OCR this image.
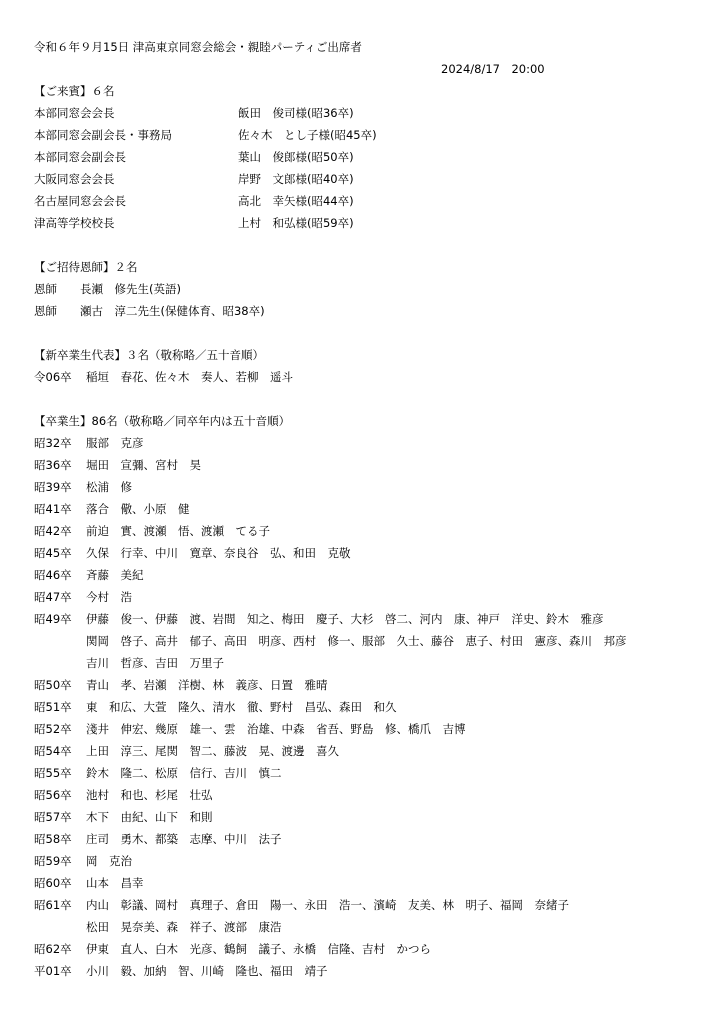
令和６年９月15日 津高東京同窓会総会・親睦パーティご出席者
2024/8/17　20:00
【ご来賓】６名
本部同窓会会長	飯田　俊司様(昭36卒)
本部同窓会副会長・事務局	佐々木　とし子様(昭45卒)
本部同窓会副会長	葉山　俊郎様(昭50卒)
大阪同窓会会長	岸野　文郎様(昭40卒)
名古屋同窓会会長	高北　幸矢様(昭44卒)
津高等学校校長	上村　和弘様(昭59卒)
【ご招待恩師】２名
恩師　　長瀬　修先生(英語)
恩師　　瀬古　淳二先生(保健体育、昭38卒)
【新卒業生代表】３名（敬称略／五十音順）
令06卒 稲垣　春花、佐々木　奏人、若柳　遥斗
【卒業生】86名（敬称略／同卒年内は五十音順）
昭32卒 服部　克彦
昭36卒 堀田　宣彌、宮村　昊
昭39卒 松浦　修
昭41卒 落合　儆、小原　健
昭42卒 前迫　實、渡瀬　悟、渡瀬　てる子
昭45卒 久保　行幸、中川　寛章、奈良谷　弘、和田　克敬
昭46卒 斉藤　美紀
昭47卒 今村　浩
昭49卒 伊藤　俊一、伊藤　渡、岩間　知之、梅田　慶子、大杉　啓二、河内　康、神戸　洋史、鈴木　雅彦
関岡　啓子、高井　郁子、高田　明彦、西村　修一、服部　久士、藤谷　恵子、村田　憲彦、森川　邦彦
吉川　哲彦、吉田　万里子
昭50卒 青山　孝、岩瀬　洋樹、林　義彦、日置　雅晴
昭51卒 東　和広、大萱　隆久、清水　徹、野村　昌弘、森田　和久
昭52卒 淺井　伸宏、幾原　雄一、雲　治雄、中森　省吾、野島　修、橋爪　吉博
昭54卒 上田　淳三、尾関　智二、藤波　晃、渡邊　喜久
昭55卒 鈴木　隆二、松原　信行、吉川　慎二
昭56卒 池村　和也、杉尾　壮弘
昭57卒 木下　由紀、山下　和則
昭58卒 庄司　勇木、都築　志摩、中川　法子
昭59卒 岡　克治
昭60卒 山本　昌幸
昭61卒 内山　彰議、岡村　真理子、倉田　陽一、永田　浩一、濱崎　友美、林　明子、福岡　奈緒子
松田　晃奈美、森　祥子、渡部　康浩
昭62卒 伊東　直人、白木　光彦、鶴飼　議子、永橋　信隆、吉村　かつら
平01卒 小川　毅、加納　智、川崎　隆也、福田　靖子
